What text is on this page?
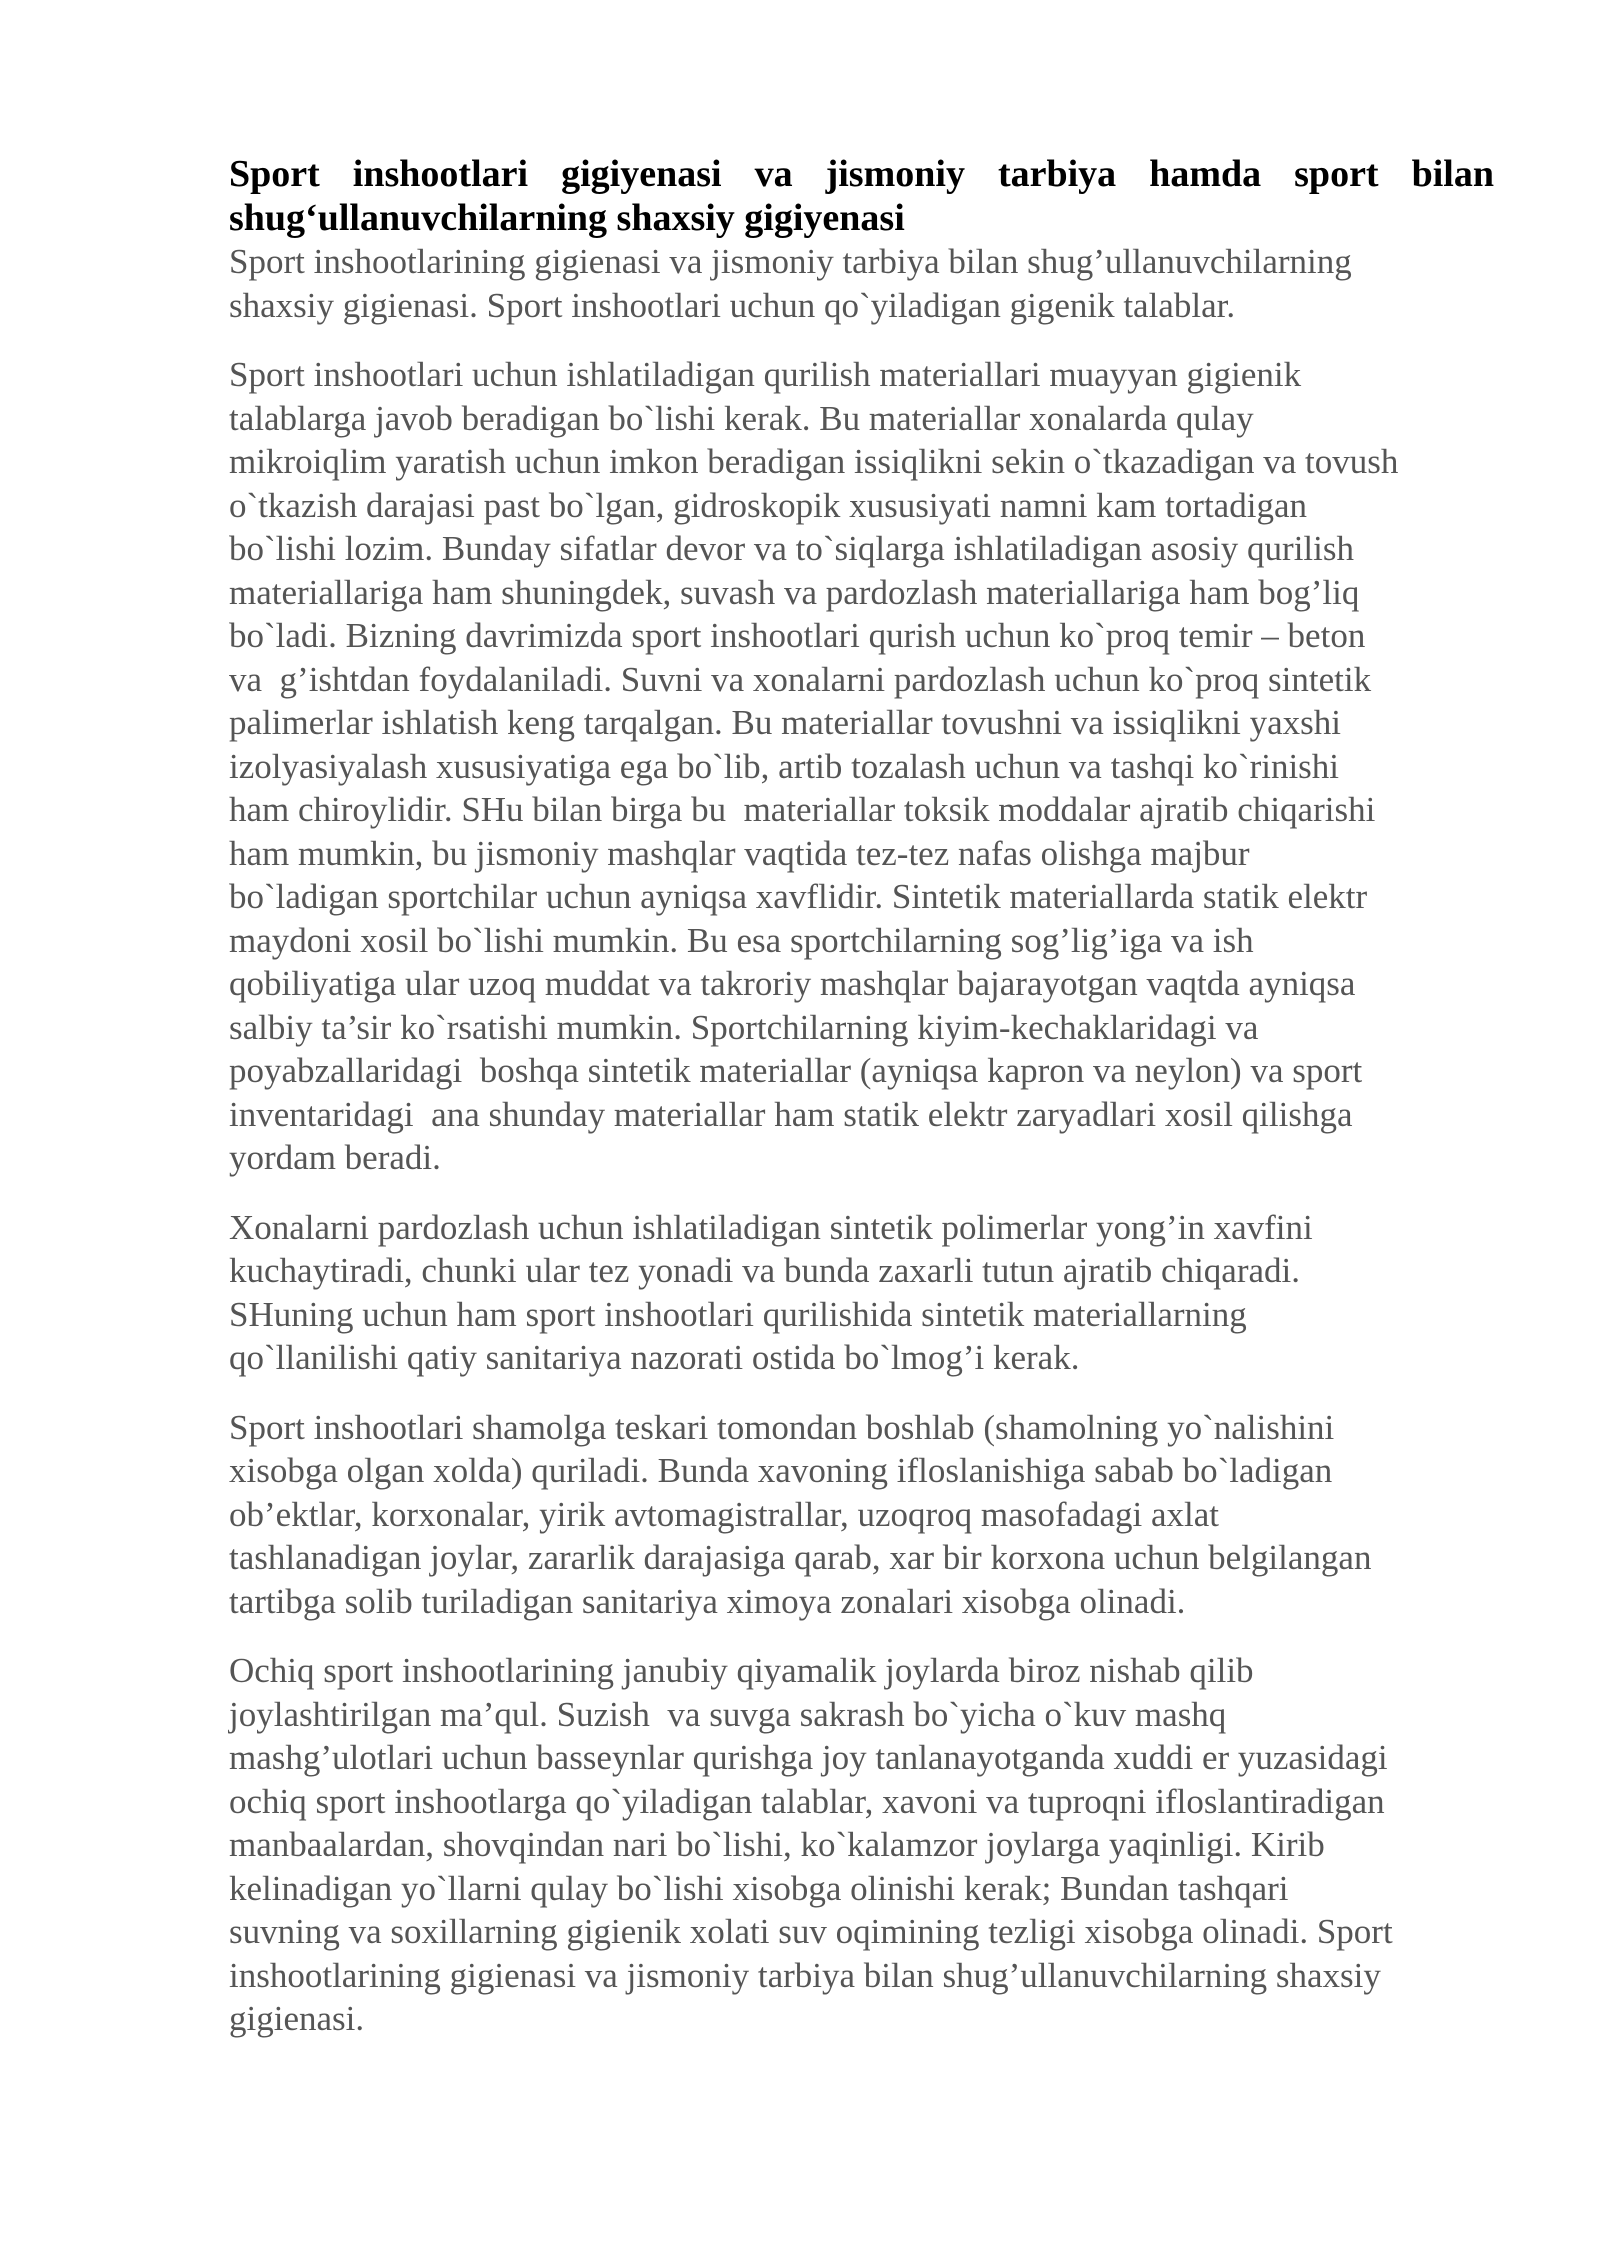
Sport inshootlari gigiyenasi va jismoniy tarbiya hamda sport bilan shug‘ullanuvchilarning shaxsiy gigiyenasi

Sport inshootlarining gigienasi va jismoniy tarbiya bilan shug’ullanuvchilarning
shaxsiy gigienasi. Sport inshootlari uchun qo`yiladigan gigenik talablar.

Sport inshootlari uchun ishlatiladigan qurilish materiallari muayyan gigienik
talablarga javob beradigan bo`lishi kerak. Bu materiallar xonalarda qulay
mikroiqlim yaratish uchun imkon beradigan issiqlikni sekin o`tkazadigan va tovush
o`tkazish darajasi past bo`lgan, gidroskopik xususiyati namni kam tortadigan
bo`lishi lozim. Bunday sifatlar devor va to`siqlarga ishlatiladigan asosiy qurilish
materiallariga ham shuningdek, suvash va pardozlash materiallariga ham bog’liq
bo`ladi. Bizning davrimizda sport inshootlari qurish uchun ko`proq temir – beton
va  g’ishtdan foydalaniladi. Suvni va xonalarni pardozlash uchun ko`proq sintetik
palimerlar ishlatish keng tarqalgan. Bu materiallar tovushni va issiqlikni yaxshi
izolyasiyalash xususiyatiga ega bo`lib, artib tozalash uchun va tashqi ko`rinishi
ham chiroylidir. SHu bilan birga bu  materiallar toksik moddalar ajratib chiqarishi
ham mumkin, bu jismoniy mashqlar vaqtida tez-tez nafas olishga majbur
bo`ladigan sportchilar uchun ayniqsa xavflidir. Sintetik materiallarda statik elektr
maydoni xosil bo`lishi mumkin. Bu esa sportchilarning sog’lig’iga va ish
qobiliyatiga ular uzoq muddat va takroriy mashqlar bajarayotgan vaqtda ayniqsa
salbiy ta’sir ko`rsatishi mumkin. Sportchilarning kiyim-kechaklaridagi va
poyabzallaridagi  boshqa sintetik materiallar (ayniqsa kapron va neylon) va sport
inventaridagi  ana shunday materiallar ham statik elektr zaryadlari xosil qilishga
yordam beradi.

Xonalarni pardozlash uchun ishlatiladigan sintetik polimerlar yong’in xavfini
kuchaytiradi, chunki ular tez yonadi va bunda zaxarli tutun ajratib chiqaradi.
SHuning uchun ham sport inshootlari qurilishida sintetik materiallarning
qo`llanilishi qatiy sanitariya nazorati ostida bo`lmog’i kerak.

Sport inshootlari shamolga teskari tomondan boshlab (shamolning yo`nalishini
xisobga olgan xolda) quriladi. Bunda xavoning ifloslanishiga sabab bo`ladigan
ob’ektlar, korxonalar, yirik avtomagistrallar, uzoqroq masofadagi axlat
tashlanadigan joylar, zararlik darajasiga qarab, xar bir korxona uchun belgilangan
tartibga solib turiladigan sanitariya ximoya zonalari xisobga olinadi.

Ochiq sport inshootlarining janubiy qiyamalik joylarda biroz nishab qilib
joylashtirilgan ma’qul. Suzish  va suvga sakrash bo`yicha o`kuv mashq
mashg’ulotlari uchun basseynlar qurishga joy tanlanayotganda xuddi er yuzasidagi
ochiq sport inshootlarga qo`yiladigan talablar, xavoni va tuproqni ifloslantiradigan
manbaalardan, shovqindan nari bo`lishi, ko`kalamzor joylarga yaqinligi. Kirib
kelinadigan yo`llarni qulay bo`lishi xisobga olinishi kerak; Bundan tashqari
suvning va soxillarning gigienik xolati suv oqimining tezligi xisobga olinadi. Sport
inshootlarining gigienasi va jismoniy tarbiya bilan shug’ullanuvchilarning shaxsiy
gigienasi.
